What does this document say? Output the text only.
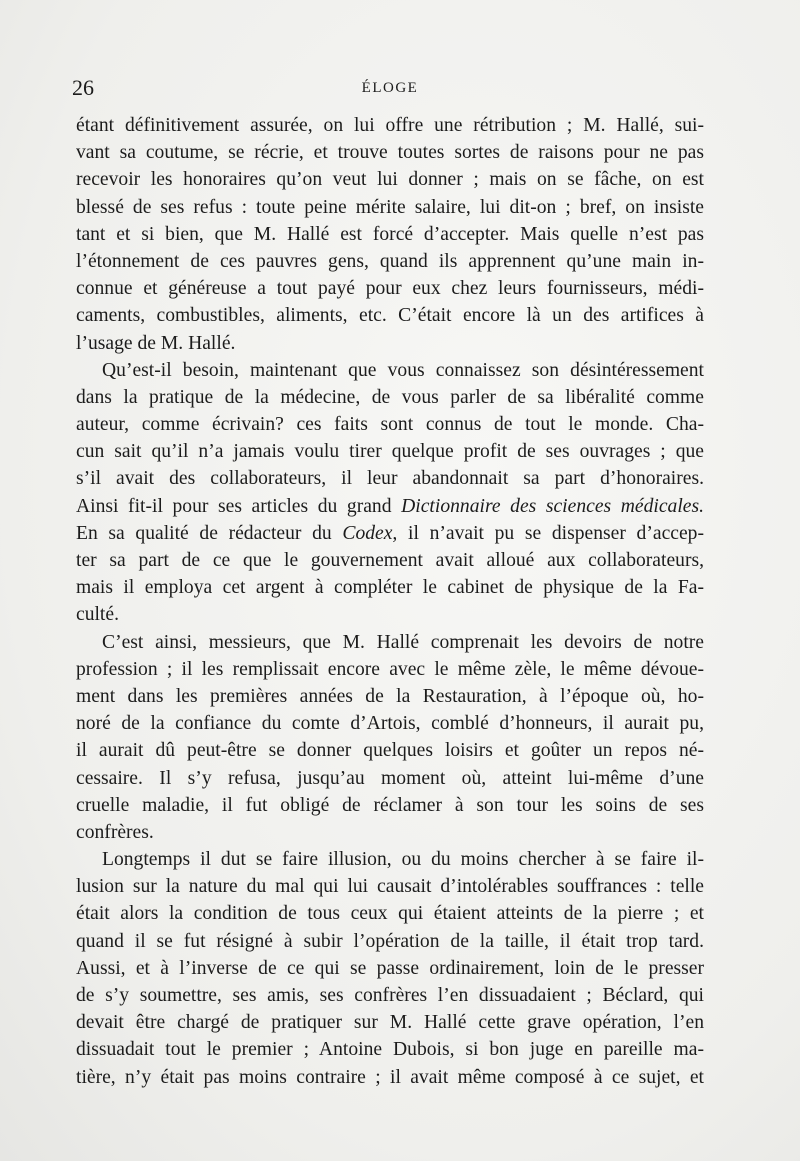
26	ÉLOGE
étant définitivement assurée, on lui offre une rétribution ; M. Hallé, sui-
vant sa coutume, se récrie, et trouve toutes sortes de raisons pour ne pas
recevoir les honoraires qu’on veut lui donner ; mais on se fâche, on est
blessé de ses refus : toute peine mérite salaire, lui dit-on ; bref, on insiste
tant et si bien, que M. Hallé est forcé d’accepter. Mais quelle n’est pas
l’étonnement de ces pauvres gens, quand ils apprennent qu’une main in-
connue et généreuse a tout payé pour eux chez leurs fournisseurs, médi-
caments, combustibles, aliments, etc. C’était encore là un des artifices à
l’usage de M. Hallé.
Qu’est-il besoin, maintenant que vous connaissez son désintéressement
dans la pratique de la médecine, de vous parler de sa libéralité comme
auteur, comme écrivain? ces faits sont connus de tout le monde. Cha-
cun sait qu’il n’a jamais voulu tirer quelque profit de ses ouvrages ; que
s’il avait des collaborateurs, il leur abandonnait sa part d’honoraires.
Ainsi fit-il pour ses articles du grand Dictionnaire des sciences médicales.
En sa qualité de rédacteur du Codex, il n’avait pu se dispenser d’accep-
ter sa part de ce que le gouvernement avait alloué aux collaborateurs,
mais il employa cet argent à compléter le cabinet de physique de la Fa-
culté.
C’est ainsi, messieurs, que M. Hallé comprenait les devoirs de notre
profession ; il les remplissait encore avec le même zèle, le même dévoue-
ment dans les premières années de la Restauration, à l’époque où, ho-
noré de la confiance du comte d’Artois, comblé d’honneurs, il aurait pu,
il aurait dû peut-être se donner quelques loisirs et goûter un repos né-
cessaire. Il s’y refusa, jusqu’au moment où, atteint lui-même d’une
cruelle maladie, il fut obligé de réclamer à son tour les soins de ses
confrères.
Longtemps il dut se faire illusion, ou du moins chercher à se faire il-
lusion sur la nature du mal qui lui causait d’intolérables souffrances : telle
était alors la condition de tous ceux qui étaient atteints de la pierre ; et
quand il se fut résigné à subir l’opération de la taille, il était trop tard.
Aussi, et à l’inverse de ce qui se passe ordinairement, loin de le presser
de s’y soumettre, ses amis, ses confrères l’en dissuadaient ; Béclard, qui
devait être chargé de pratiquer sur M. Hallé cette grave opération, l’en
dissuadait tout le premier ; Antoine Dubois, si bon juge en pareille ma-
tière, n’y était pas moins contraire ; il avait même composé à ce sujet, et
